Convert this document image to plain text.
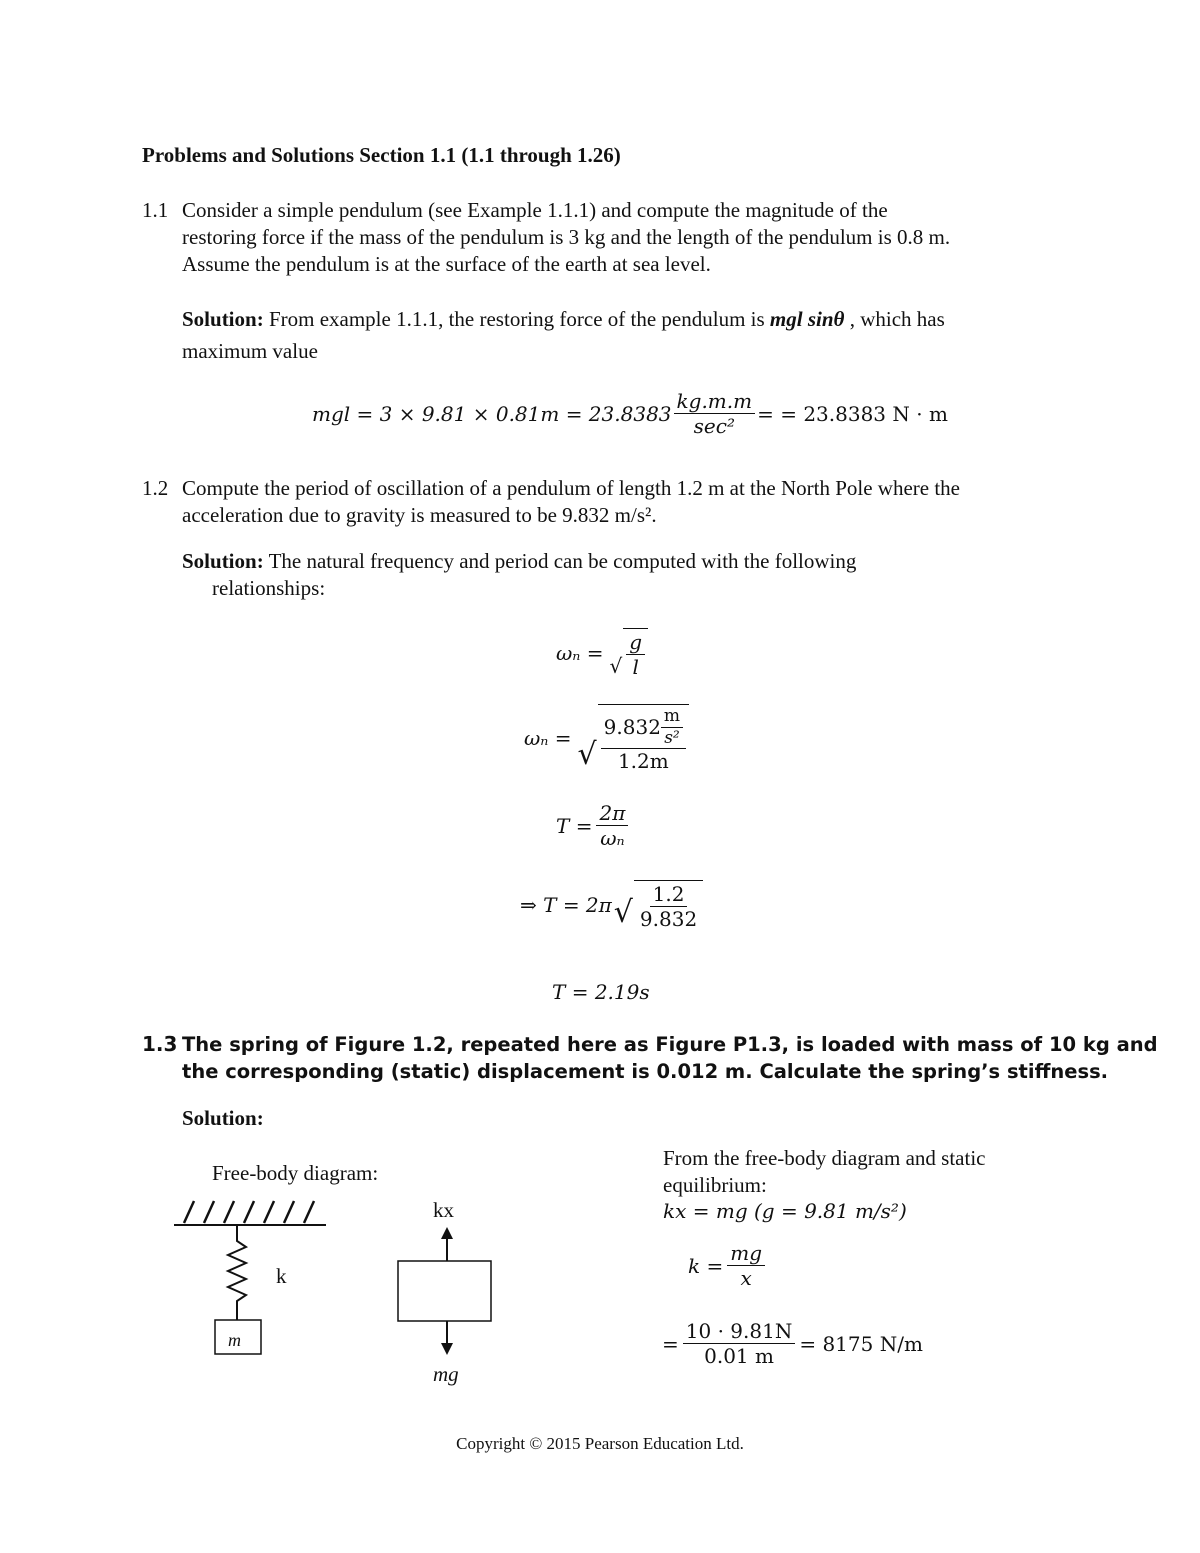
Problems and Solutions Section 1.1 (1.1 through 1.26)
1.1 Consider a simple pendulum (see Example 1.1.1) and compute the magnitude of the
restoring force if the mass of the pendulum is 3 kg and the length of the pendulum is 0.8 m.
Assume the pendulum is at the surface of the earth at sea level.
Solution: From example 1.1.1, the restoring force of the pendulum is mgl sinθ , which has
maximum value
mgl = $3 \times 9.81 \times 0.81m = 23.8383 \frac{kg.m.m}{\text{sec²}}$ = = 23.8383 N · m
1.2 Compute the period of oscillation of a pendulum of length 1.2 m at the North Pole where the
acceleration due to gravity is measured to be 9.832 m/s².
Solution: The natural frequency and period can be computed with the following
relationships:
ωₙ =
√ $\frac{g}{l}$
ωₙ = √ $\frac{9.832 \frac{m}{\text{s²}}}{1.2m}$
$T = \frac{2\pi}{\text{ωₙ}}$
⇒ T = 2π √ $\frac{1.2}{9.832}$
T = 2.19s
1.3 The spring of Figure 1.2, repeated here as Figure P1.3, is loaded with mass of 10 kg and
the corresponding (static) displacement is 0.012 m. Calculate the spring’s stiffness.
Solution:
Free-body diagram:
k
m
kx
mg
From the free-body diagram and static
equilibrium:
kx = mg (g = 9.81 m/s²)
$k = \frac{mg}{x}$
= $\frac{10 \cdot 9.81N}{0.01 m} = 8175$ N/m
Copyright © 2015 Pearson Education Ltd.
